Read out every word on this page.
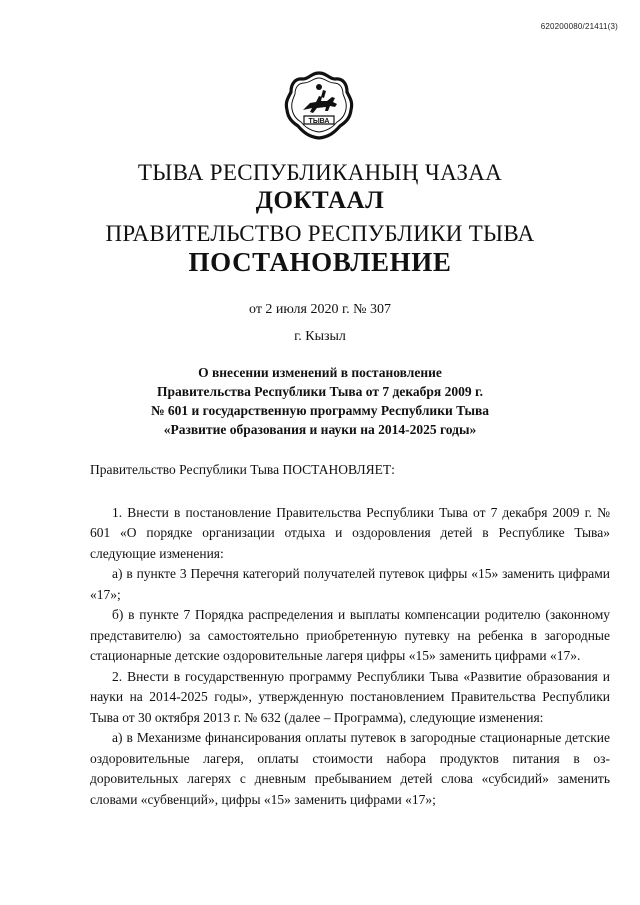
620200080/21411(3)
ТЫВА
ТЫВА РЕСПУБЛИКАНЫҢ ЧАЗАА
ДОКТААЛ
ПРАВИТЕЛЬСТВО РЕСПУБЛИКИ ТЫВА
ПОСТАНОВЛЕНИЕ
от 2 июля 2020 г. № 307
г. Кызыл
О внесении изменений в постановление
Правительства Республики Тыва от 7 декабря 2009 г.
№ 601 и государственную программу Республики Тыва
«Развитие образования и науки на 2014-2025 годы»

Правительство Республики Тыва ПОСТАНОВЛЯЕТ:

1. Внести в постановление Правительства Республики Тыва от 7 декабря 2009 г. № 601 «О порядке организации отдыха и оздоровления детей в Республике Тыва» следующие изменения:

а) в пункте 3 Перечня категорий получателей путевок цифры «15» заменить цифрами «17»;

б) в пункте 7 Порядка распределения и выплаты компенсации родителю (законному представителю) за самостоятельно приобретенную путевку на ребенка в загородные стационарные детские оздоровительные лагеря цифры «15» заменить цифрами «17».

2. Внести в государственную программу Республики Тыва «Развитие образования и науки на 2014-2025 годы», утвержденную постановлением Правительства Республики Тыва от 30 октября 2013 г. № 632 (далее – Программа), следующие изменения:

а) в Механизме финансирования оплаты путевок в загородные стационарные детские оздоровительные лагеря, оплаты стоимости набора продуктов питания в оздоровительных лагерях с дневным пребыванием детей слова «субсидий» заменить словами «субвенций», цифры «15» заменить цифрами «17»;
